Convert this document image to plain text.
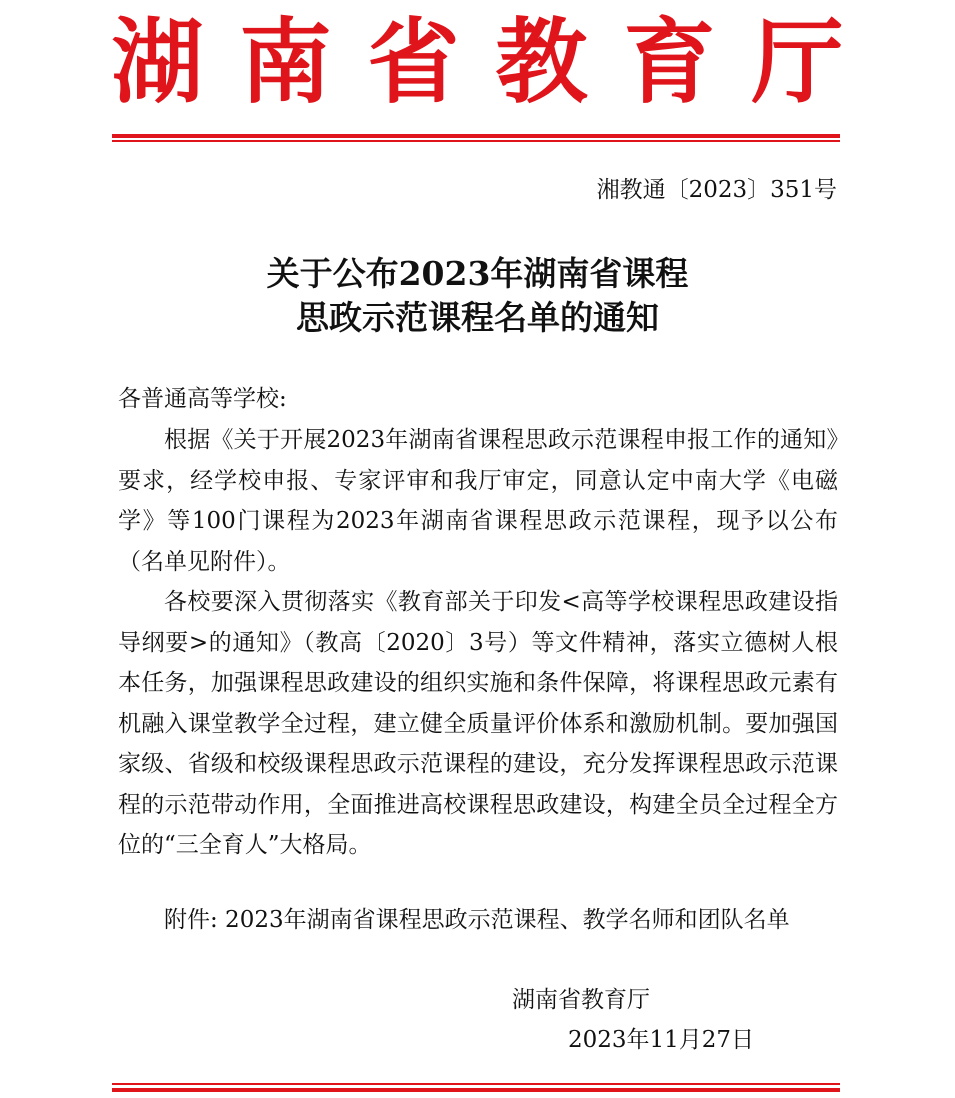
湖南省教育厅
湘教通〔2023〕351号
关于公布2023年湖南省课程
思政示范课程名单的通知
各普通高等学校:
根据《关于开展2023年湖南省课程思政示范课程申报工作的通知》要求，经学校申报、专家评审和我厅审定，同意认定中南大学《电磁学》等100门课程为2023年湖南省课程思政示范课程，现予以公布（名单见附件）。
各校要深入贯彻落实《教育部关于印发<高等学校课程思政建设指导纲要>的通知》（教高〔2020〕3号）等文件精神，落实立德树人根本任务，加强课程思政建设的组织实施和条件保障，将课程思政元素有机融入课堂教学全过程，建立健全质量评价体系和激励机制。要加强国家级、省级和校级课程思政示范课程的建设，充分发挥课程思政示范课程的示范带动作用，全面推进高校课程思政建设，构建全员全过程全方位的“三全育人”大格局。
附件: 2023年湖南省课程思政示范课程、教学名师和团队名单
湖南省教育厅
2023年11月27日
